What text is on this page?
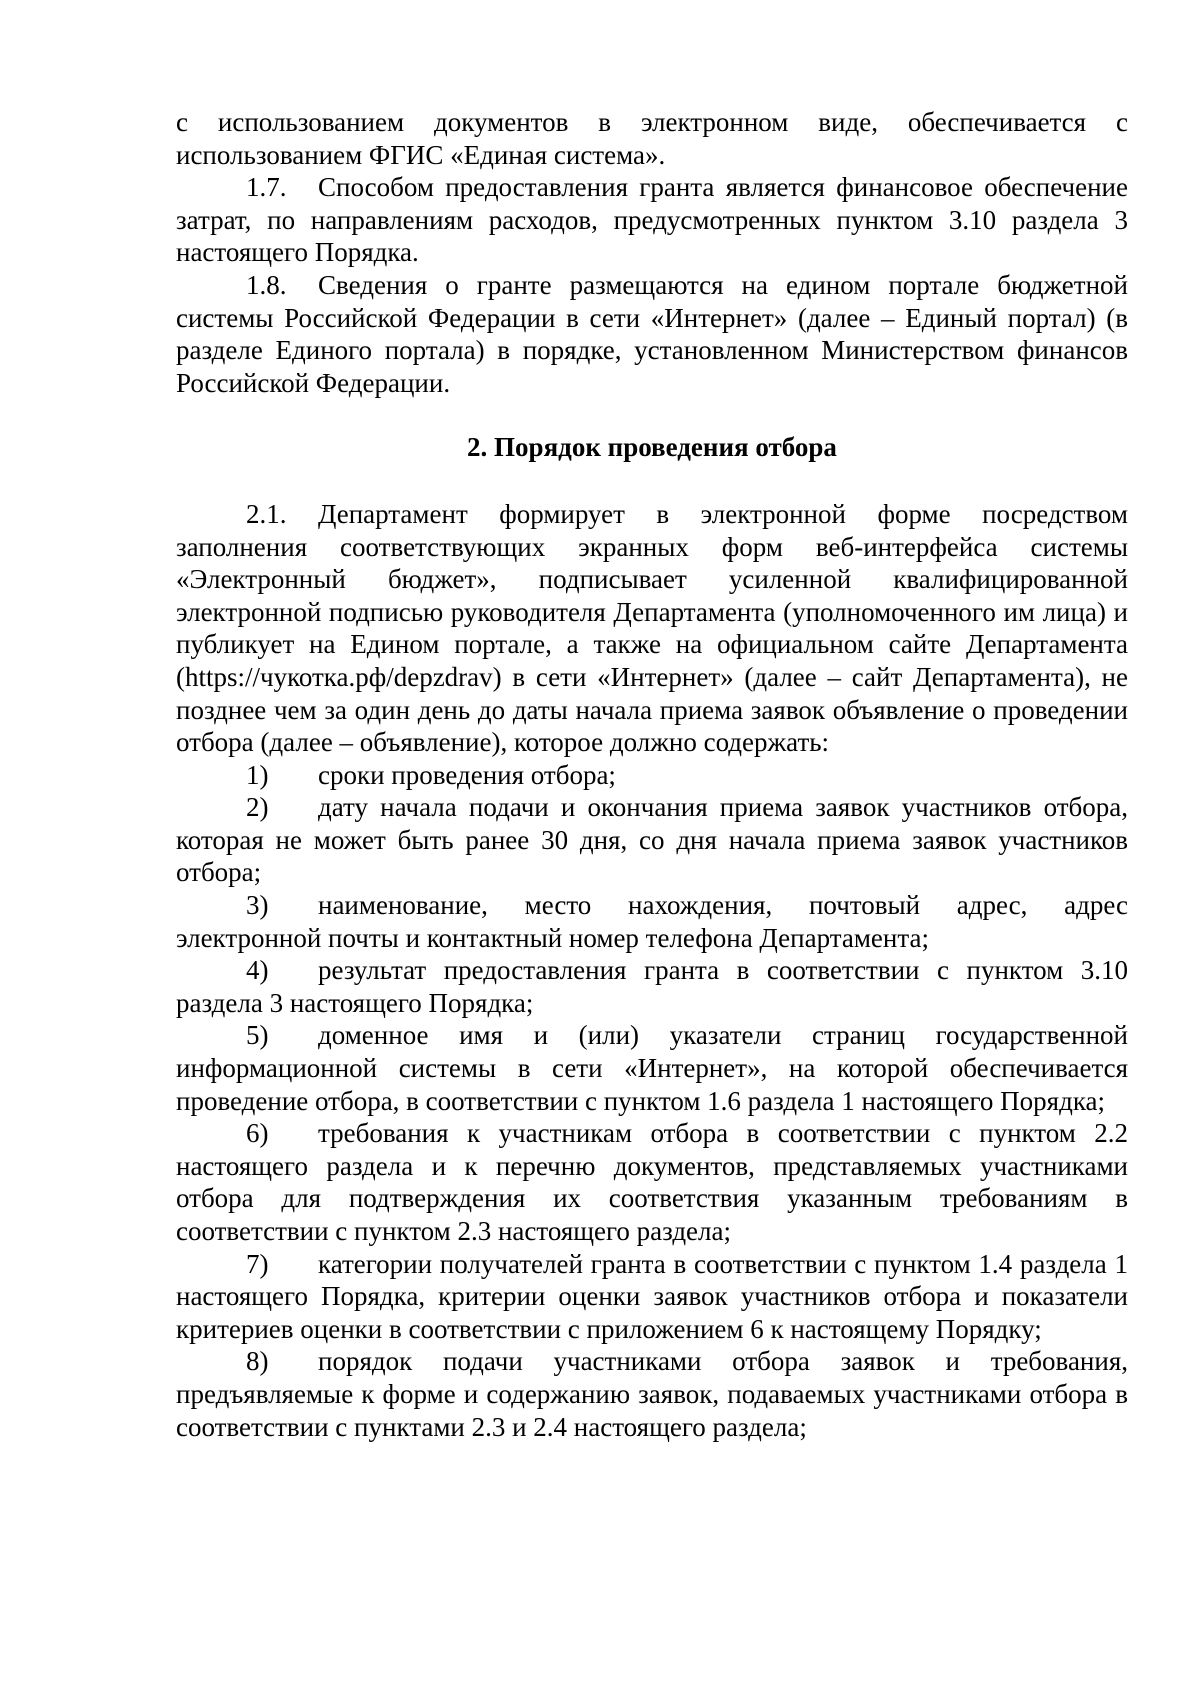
с использованием документов в электронном виде, обеспечивается с использованием ФГИС «Единая система».

1.7. Способом предоставления гранта является финансовое обеспечение затрат, по направлениям расходов, предусмотренных пунктом 3.10 раздела 3 настоящего Порядка.

1.8. Сведения о гранте размещаются на едином портале бюджетной системы Российской Федерации в сети «Интернет» (далее – Единый портал) (в разделе Единого портала) в порядке, установленном Министерством финансов Российской Федерации.

2. Порядок проведения отбора

2.1. Департамент формирует в электронной форме посредством заполнения соответствующих экранных форм веб-интерфейса системы «Электронный бюджет», подписывает усиленной квалифицированной электронной подписью руководителя Департамента (уполномоченного им лица) и публикует на Едином портале, а также на официальном сайте Департамента (https://чукотка.рф/depzdrav) в сети «Интернет» (далее – сайт Департамента), не позднее чем за один день до даты начала приема заявок объявление о проведении отбора (далее – объявление), которое должно содержать:

1) сроки проведения отбора;

2) дату начала подачи и окончания приема заявок участников отбора, которая не может быть ранее 30 дня, со дня начала приема заявок участников отбора;

3) наименование, место нахождения, почтовый адрес, адрес электронной почты и контактный номер телефона Департамента;

4) результат предоставления гранта в соответствии с пунктом 3.10 раздела 3 настоящего Порядка;

5) доменное имя и (или) указатели страниц государственной информационной системы в сети «Интернет», на которой обеспечивается проведение отбора, в соответствии с пунктом 1.6 раздела 1 настоящего Порядка;

6) требования к участникам отбора в соответствии с пунктом 2.2 настоящего раздела и к перечню документов, представляемых участниками отбора для подтверждения их соответствия указанным требованиям в соответствии с пунктом 2.3 настоящего раздела;

7) категории получателей гранта в соответствии с пунктом 1.4 раздела 1 настоящего Порядка, критерии оценки заявок участников отбора и показатели критериев оценки в соответствии с приложением 6 к настоящему Порядку;

8) порядок подачи участниками отбора заявок и требования, предъявляемые к форме и содержанию заявок, подаваемых участниками отбора в соответствии с пунктами 2.3 и 2.4 настоящего раздела;
